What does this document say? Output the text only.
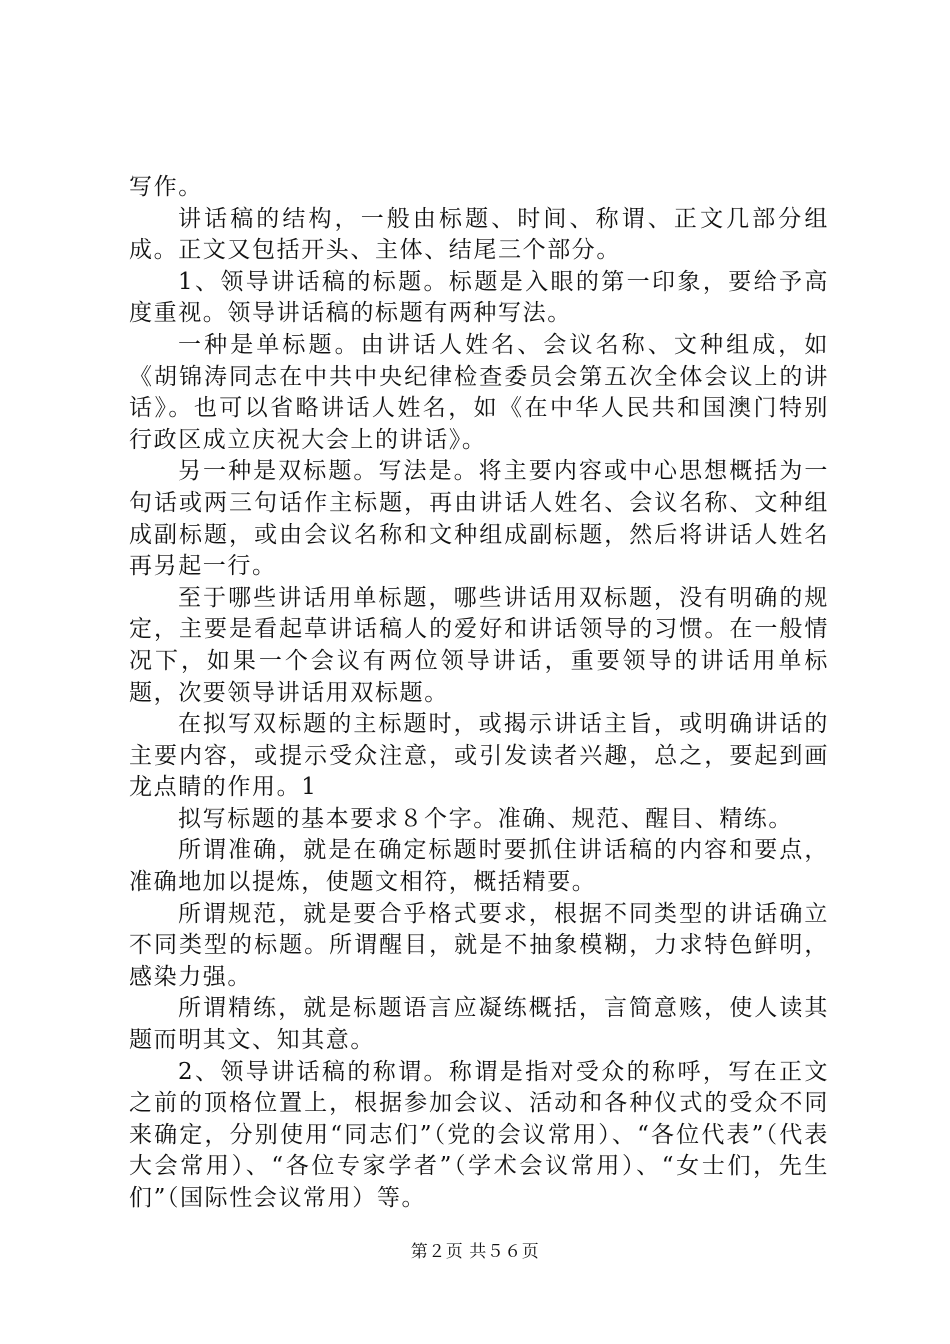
写作。

讲话稿的结构，一般由标题、时间、称谓、正文几部分组成。正文又包括开头、主体、结尾三个部分。

1、领导讲话稿的标题。标题是入眼的第一印象，要给予高度重视。领导讲话稿的标题有两种写法。

一种是单标题。由讲话人姓名、会议名称、文种组成，如《胡锦涛同志在中共中央纪律检查委员会第五次全体会议上的讲话》。也可以省略讲话人姓名，如《在中华人民共和国澳门特别行政区成立庆祝大会上的讲话》。

另一种是双标题。写法是。将主要内容或中心思想概括为一句话或两三句话作主标题，再由讲话人姓名、会议名称、文种组成副标题，或由会议名称和文种组成副标题，然后将讲话人姓名再另起一行。

至于哪些讲话用单标题，哪些讲话用双标题，没有明确的规定，主要是看起草讲话稿人的爱好和讲话领导的习惯。在一般情况下，如果一个会议有两位领导讲话，重要领导的讲话用单标题，次要领导讲话用双标题。

在拟写双标题的主标题时，或揭示讲话主旨，或明确讲话的主要内容，或提示受众注意，或引发读者兴趣，总之，要起到画龙点睛的作用。1

拟写标题的基本要求８个字。准确、规范、醒目、精练。

所谓准确，就是在确定标题时要抓住讲话稿的内容和要点，准确地加以提炼，使题文相符，概括精要。

所谓规范，就是要合乎格式要求，根据不同类型的讲话确立不同类型的标题。所谓醒目，就是不抽象模糊，力求特色鲜明，感染力强。

所谓精练，就是标题语言应凝练概括，言简意赅，使人读其题而明其文、知其意。

2、领导讲话稿的称谓。称谓是指对受众的称呼，写在正文之前的顶格位置上，根据参加会议、活动和各种仪式的受众不同来确定，分别使用“同志们”（党的会议常用）、“各位代表”（代表大会常用）、“各位专家学者”（学术会议常用）、“女士们，先生们”（国际性会议常用）等。

第２页 共５６页
